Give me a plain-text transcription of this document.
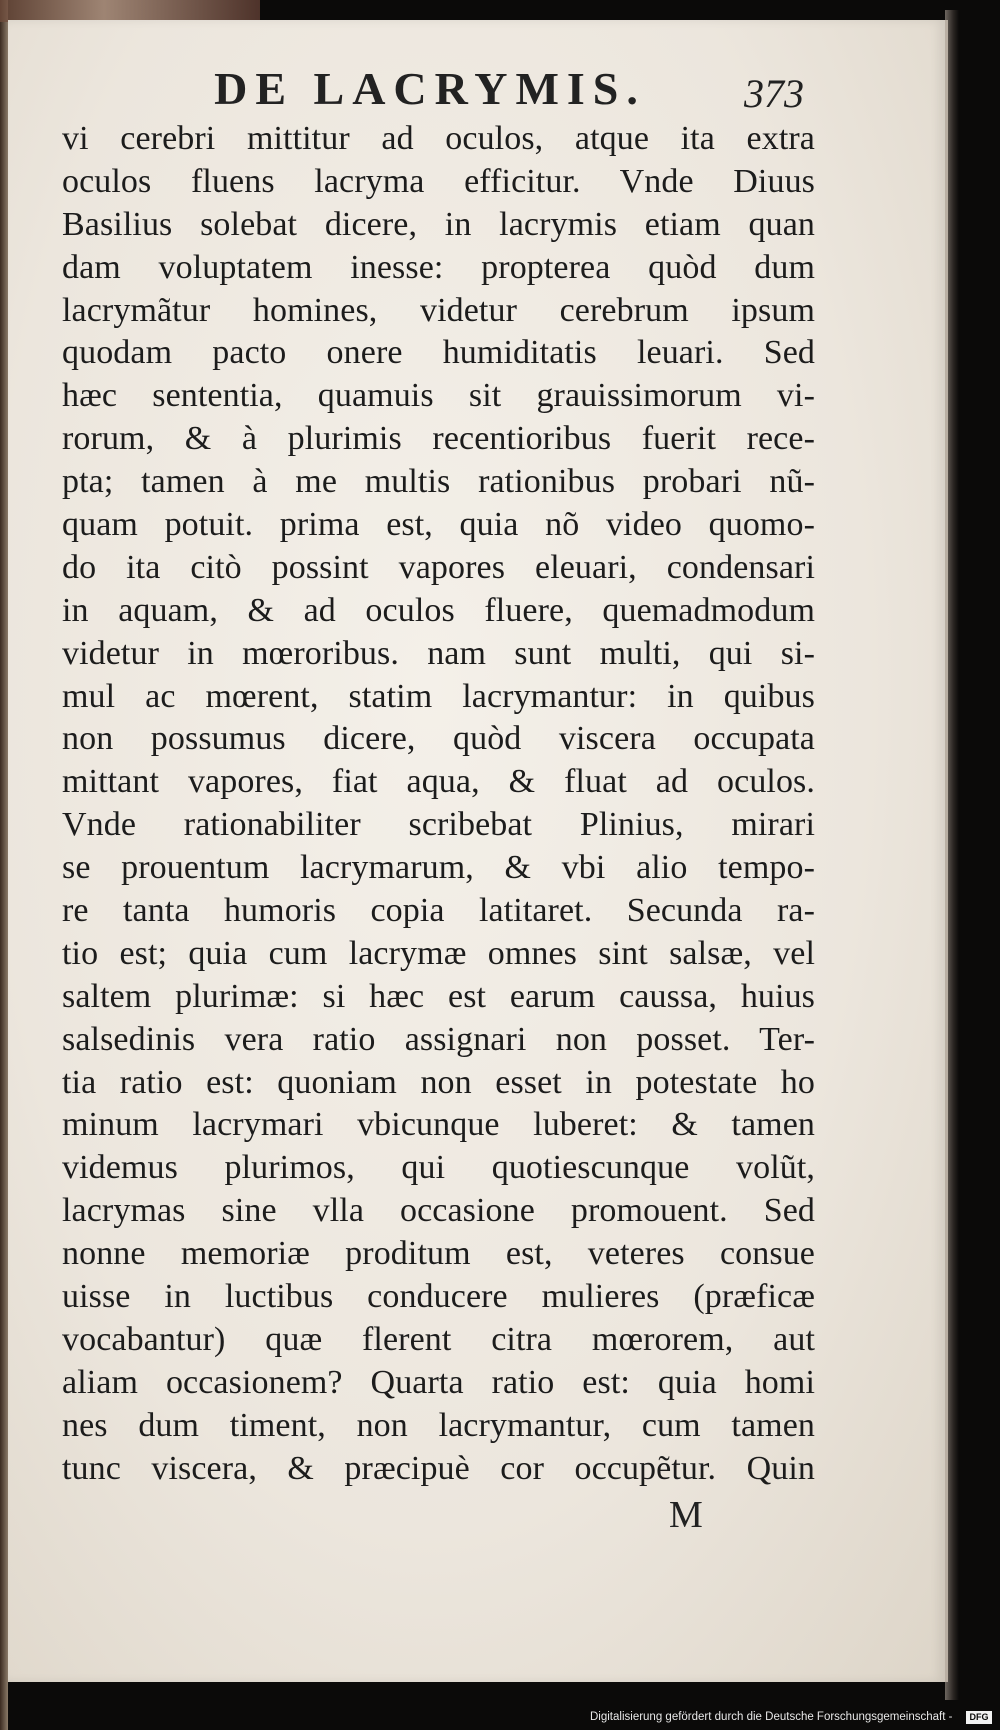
DE LACRYMIS.	373
vi cerebri mittitur ad oculos, atque ita extra
oculos fluens lacryma efficitur. Vnde Diuus
Basilius solebat dicere, in lacrymis etiam quan
dam voluptatem inesse: propterea quòd dum
lacrymãtur homines, videtur cerebrum ipsum
quodam pacto onere humiditatis leuari. Sed
hæc sententia, quamuis sit grauissimorum vi-
rorum, & à plurimis recentioribus fuerit rece-
pta; tamen à me multis rationibus probari nũ-
quam potuit. prima est, quia nõ video quomo-
do ita citò possint vapores eleuari, condensari
in aquam, & ad oculos fluere, quemadmodum
videtur in mœroribus. nam sunt multi, qui si-
mul ac mœrent, statim lacrymantur: in quibus
non possumus dicere, quòd viscera occupata
mittant vapores, fiat aqua, & fluat ad oculos.
Vnde rationabiliter scribebat Plinius, mirari
se prouentum lacrymarum, & vbi alio tempo-
re tanta humoris copia latitaret. Secunda ra-
tio est; quia cum lacrymæ omnes sint salsæ, vel
saltem plurimæ: si hæc est earum caussa, huius
salsedinis vera ratio assignari non posset. Ter-
tia ratio est: quoniam non esset in potestate ho
minum lacrymari vbicunque luberet: & tamen
videmus plurimos, qui quotiescunque volũt,
lacrymas sine vlla occasione promouent. Sed
nonne memoriæ proditum est, veteres consue
uisse in luctibus conducere mulieres (præficæ
vocabantur) quæ flerent citra mœrorem, aut
aliam occasionem? Quarta ratio est: quia homi
nes dum timent, non lacrymantur, cum tamen
tunc viscera, & præcipuè cor occupẽtur. Quin
M
Digitalisierung gefördert durch die Deutsche Forschungsgemeinschaft -	DFG
